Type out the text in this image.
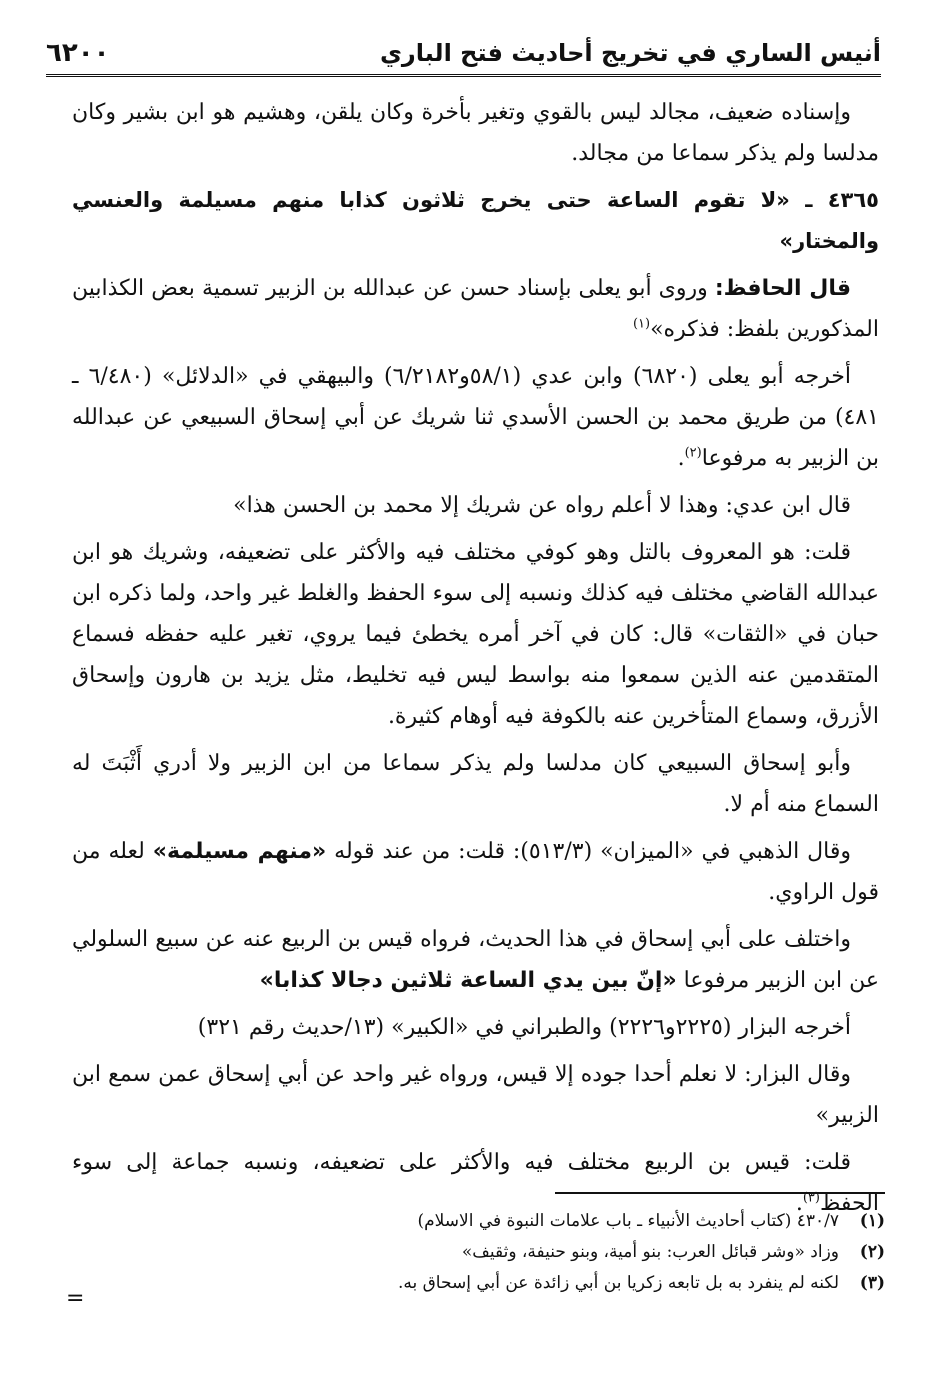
أنيس الساري في تخريج أحاديث فتح الباري
٦٢٠٠

وإسناده ضعيف، مجالد ليس بالقوي وتغير بأخرة وكان يلقن، وهشيم هو ابن بشير وكان مدلسا ولم يذكر سماعا من مجالد.

٤٣٦٥ ـ «لا تقوم الساعة حتى يخرج ثلاثون كذابا منهم مسيلمة والعنسي والمختار»

قال الحافظ: وروى أبو يعلى بإسناد حسن عن عبدالله بن الزبير تسمية بعض الكذابين المذكورين بلفظ: فذكره»$^{(١)}$

أخرجه أبو يعلى (٦٨٢٠) وابن عدي (٥٨/١و٦/٢١٨٢) والبيهقي في «الدلائل» (٦/٤٨٠ ـ ٤٨١) من طريق محمد بن الحسن الأسدي ثنا شريك عن أبي إسحاق السبيعي عن عبدالله بن الزبير به مرفوعا$^{(٢)}$.

قال ابن عدي: وهذا لا أعلم رواه عن شريك إلا محمد بن الحسن هذا»

قلت: هو المعروف بالتل وهو كوفي مختلف فيه والأكثر على تضعيفه، وشريك هو ابن عبدالله القاضي مختلف فيه كذلك ونسبه إلى سوء الحفظ والغلط غير واحد، ولما ذكره ابن حبان في «الثقات» قال: كان في آخر أمره يخطئ فيما يروي، تغير عليه حفظه فسماع المتقدمين عنه الذين سمعوا منه بواسط ليس فيه تخليط، مثل يزيد بن هارون وإسحاق الأزرق، وسماع المتأخرين عنه بالكوفة فيه أوهام كثيرة.

وأبو إسحاق السبيعي كان مدلسا ولم يذكر سماعا من ابن الزبير ولا أدري أَثْبَتَ له السماع منه أم لا.

وقال الذهبي في «الميزان» (٥١٣/٣): قلت: من عند قوله «منهم مسيلمة» لعله من قول الراوي.

واختلف على أبي إسحاق في هذا الحديث، فرواه قيس بن الربيع عنه عن سبيع السلولي عن ابن الزبير مرفوعا «إنّ بين يدي الساعة ثلاثين دجالا كذابا»

أخرجه البزار (٢٢٢٥و٢٢٢٦) والطبراني في «الكبير» (١٣/حديث رقم ٣٢١)

وقال البزار: لا نعلم أحدا جوده إلا قيس، ورواه غير واحد عن أبي إسحاق عمن سمع ابن الزبير»

قلت: قيس بن الربيع مختلف فيه والأكثر على تضعيفه، ونسبه جماعة إلى سوء الحفظ$^{(٣)}$.

(١)
٤٣٠/٧ (كتاب أحاديث الأنبياء ـ باب علامات النبوة في الاسلام)
(٢)
وزاد «وشر قبائل العرب: بنو أمية، وبنو حنيفة، وثقيف»
(٣)
لكنه لم ينفرد به بل تابعه زكريا بن أبي زائدة عن أبي إسحاق به.
=
